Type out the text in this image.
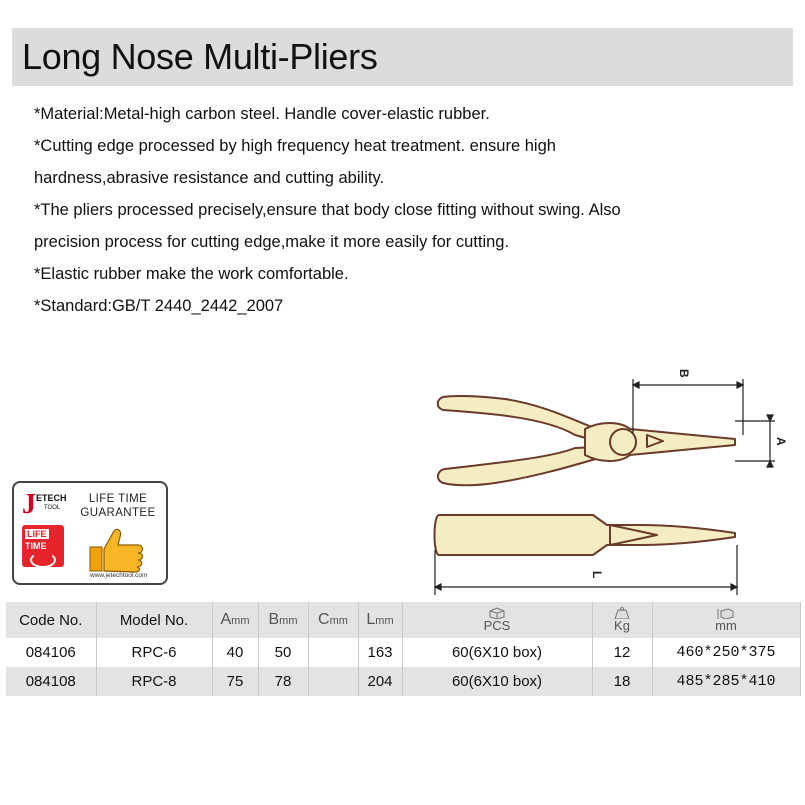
Long Nose Multi-Pliers
*Material:Metal-high carbon steel. Handle cover-elastic rubber.
*Cutting edge processed by high frequency heat treatment. ensure high
hardness,abrasive resistance and cutting ability.
*The pliers processed precisely,ensure that body close fitting without swing. Also
precision process for cutting edge,make it more easily for cutting.
*Elastic rubber make the work comfortable.
*Standard:GB/T 2440_2442_2007
B
A
L
J ETECH
TOOL
LIFE TIME
GUARANTEE
LIFE
TIME
www.jetechtool.com
Code No.	Model No.	Amm	Bmm	Cmm	Lmm	PCS	Kg	mm

084106	RPC-6	40	50		163	60(6X10 box)	12	460*250*375
084108	RPC-8	75	78		204	60(6X10 box)	18	485*285*410
